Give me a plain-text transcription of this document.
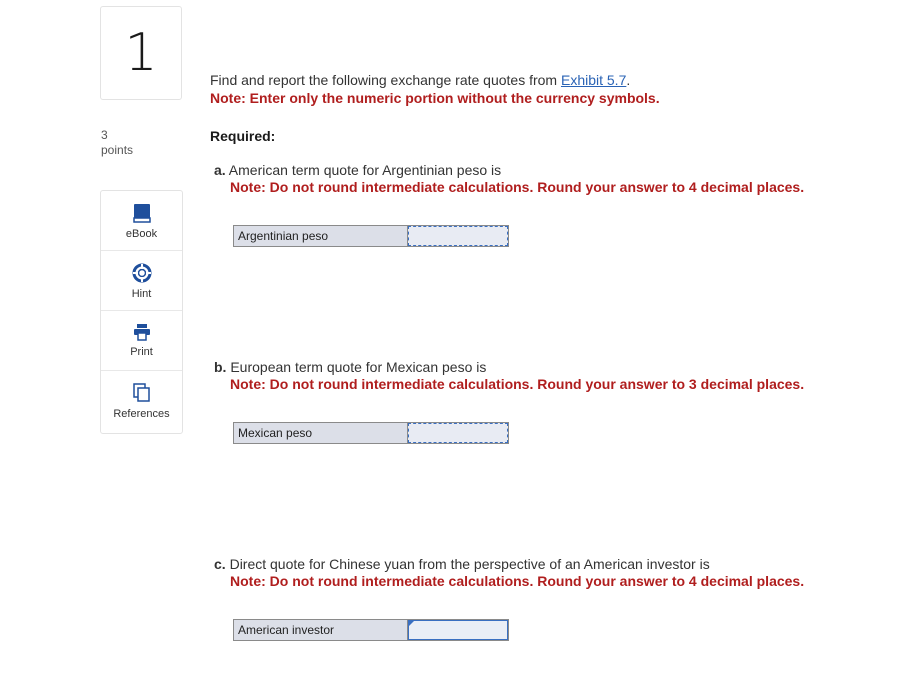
1
3
points
eBook
Hint
Print
References
Find and report the following exchange rate quotes from Exhibit 5.7.
Note: Enter only the numeric portion without the currency symbols.
Required:
a. American term quote for Argentinian peso is
Note: Do not round intermediate calculations. Round your answer to 4 decimal places.
Argentinian peso
b. European term quote for Mexican peso is
Note: Do not round intermediate calculations. Round your answer to 3 decimal places.
Mexican peso
c. Direct quote for Chinese yuan from the perspective of an American investor is
Note: Do not round intermediate calculations. Round your answer to 4 decimal places.
American investor
